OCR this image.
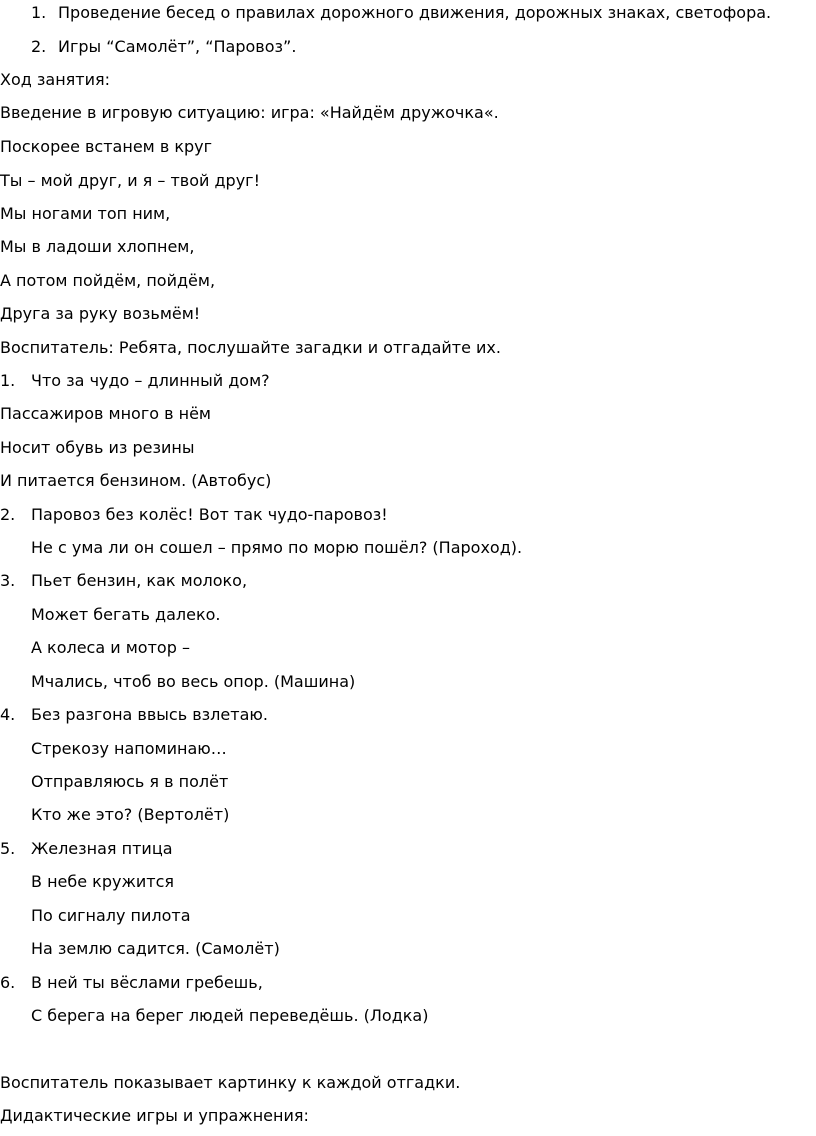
1. Проведение бесед о правилах дорожного движения, дорожных знаках, светофора.
2. Игры “Самолёт”, “Паровоз”.
Ход занятия:
Введение в игровую ситуацию: игра: «Найдём дружочка«.
Поскорее встанем в круг
Ты – мой друг, и я – твой друг!
Мы ногами топ ним,
Мы в ладоши хлопнем,
А потом пойдём, пойдём,
Друга за руку возьмём!
Воспитатель: Ребята, послушайте загадки и отгадайте их.
1. Что за чудо – длинный дом?
Пассажиров много в нём
Носит обувь из резины
И питается бензином. (Автобус)
2. Паровоз без колёс! Вот так чудо-паровоз!
Не с ума ли он сошел – прямо по морю пошёл? (Пароход).
3. Пьет бензин, как молоко,
Может бегать далеко.
А колеса и мотор –
Мчались, чтоб во весь опор. (Машина)
4. Без разгона ввысь взлетаю.
Стрекозу напоминаю…
Отправляюсь я в полёт
Кто же это? (Вертолёт)
5. Железная птица
В небе кружится
По сигналу пилота
На землю садится. (Самолёт)
6. В ней ты вёслами гребешь,
С берега на берег людей переведёшь. (Лодка)
Воспитатель показывает картинку к каждой отгадки.
Дидактические игры и упражнения:
